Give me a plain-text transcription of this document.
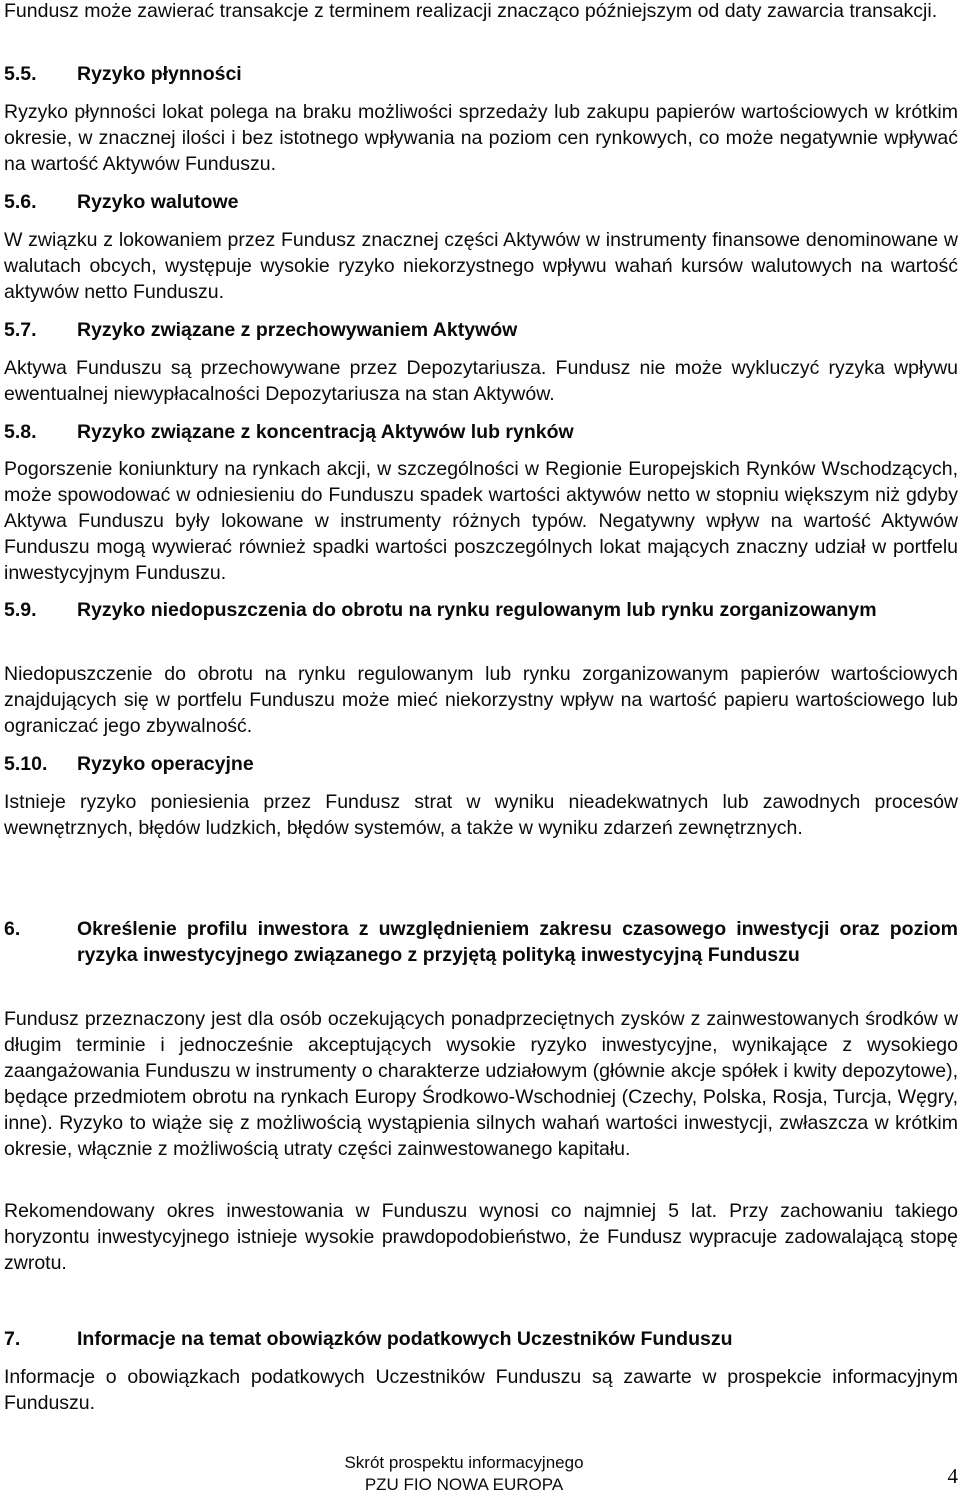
Fundusz może zawierać transakcje z terminem realizacji znacząco późniejszym od daty zawarcia transakcji.

5.5.	Ryzyko płynności

Ryzyko płynności lokat polega na braku możliwości sprzedaży lub zakupu papierów wartościowych w krótkim okresie, w znacznej ilości i bez istotnego wpływania na poziom cen rynkowych, co może negatywnie wpływać na wartość Aktywów Funduszu.

5.6.	Ryzyko walutowe

W związku z lokowaniem przez Fundusz znacznej części Aktywów w instrumenty finansowe denominowane w walutach obcych, występuje wysokie ryzyko niekorzystnego wpływu wahań kursów walutowych na wartość aktywów netto Funduszu.

5.7.	Ryzyko związane z przechowywaniem Aktywów

Aktywa Funduszu są przechowywane przez Depozytariusza. Fundusz nie może wykluczyć ryzyka wpływu ewentualnej niewypłacalności Depozytariusza na stan Aktywów.

5.8.	Ryzyko związane z koncentracją Aktywów lub rynków

Pogorszenie koniunktury na rynkach akcji, w szczególności w Regionie Europejskich Rynków Wschodzących, może spowodować w odniesieniu do Funduszu spadek wartości aktywów netto w stopniu większym niż gdyby Aktywa Funduszu były lokowane w instrumenty różnych typów. Negatywny wpływ na wartość Aktywów Funduszu mogą wywierać również spadki wartości poszczególnych lokat mających znaczny udział w portfelu inwestycyjnym Funduszu.

5.9.	Ryzyko niedopuszczenia do obrotu na rynku regulowanym lub rynku zorganizowanym

Niedopuszczenie do obrotu na rynku regulowanym lub rynku zorganizowanym papierów wartościowych znajdujących się w portfelu Funduszu może mieć niekorzystny wpływ na wartość papieru wartościowego lub ograniczać jego zbywalność.

5.10.	Ryzyko operacyjne

Istnieje ryzyko poniesienia przez Fundusz strat w wyniku nieadekwatnych lub zawodnych procesów wewnętrznych, błędów ludzkich, błędów systemów, a także w wyniku zdarzeń zewnętrznych.

6.	Określenie profilu inwestora z uwzględnieniem zakresu czasowego inwestycji oraz poziom ryzyka inwestycyjnego związanego z przyjętą polityką inwestycyjną Funduszu

Fundusz przeznaczony jest dla osób oczekujących ponadprzeciętnych zysków z zainwestowanych środków w długim terminie i jednocześnie akceptujących wysokie ryzyko inwestycyjne, wynikające z wysokiego zaangażowania Funduszu w instrumenty o charakterze udziałowym (głównie akcje spółek i kwity depozytowe), będące przedmiotem obrotu na rynkach Europy Środkowo-Wschodniej (Czechy, Polska, Rosja, Turcja, Węgry, inne). Ryzyko to wiąże się z możliwością wystąpienia silnych wahań wartości inwestycji, zwłaszcza w krótkim okresie, włącznie z możliwością utraty części zainwestowanego kapitału.

Rekomendowany okres inwestowania w Funduszu wynosi co najmniej 5 lat. Przy zachowaniu takiego horyzontu inwestycyjnego istnieje wysokie prawdopodobieństwo, że Fundusz wypracuje zadowalającą stopę zwrotu.

7.	Informacje na temat obowiązków podatkowych Uczestników Funduszu

Informacje o obowiązkach podatkowych Uczestników Funduszu są zawarte w prospekcie informacyjnym Funduszu.

Skrót prospektu informacyjnego
PZU FIO NOWA EUROPA	4
